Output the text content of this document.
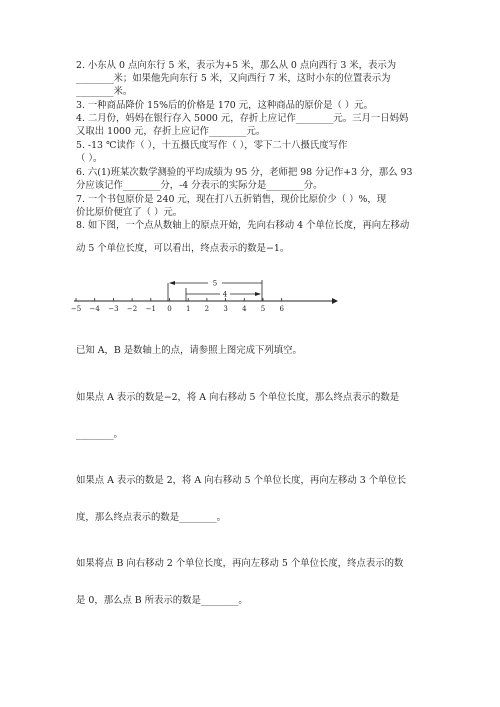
2. 小东从 0 点向东行 5 米，表示为+5 米，那么从 0 点向西行 3 米，表示为
________米；如果他先向东行 5 米，又向西行 7 米，这时小东的位置表示为
________米。
3. 一种商品降价 15%后的价格是 170 元，这种商品的原价是（ ）元。
4. 二月份，妈妈在银行存入 5000 元，存折上应记作________元。三月一日妈妈
又取出 1000 元，存折上应记作________元。
5. -13 ℃读作（ ），十五摄氏度写作（ ），零下二十八摄氏度写作
（ ）。
6. 六(1)班某次数学测验的平均成绩为 95 分，老师把 98 分记作+3 分，那么 93
分应该记作________分，-4 分表示的实际分是________分。
7. 一个书包原价是 240 元，现在打八五折销售，现价比原价少（ ）%，现
价比原价便宜了（ ）元。
8. 如下图，一个点从数轴上的原点开始，先向右移动 4 个单位长度，再向左移动
动 5 个单位长度，可以看出，终点表示的数是−1。
−5 −4 −3 −2 −1 0 1 2 3 4 5 6
5
4
已知 A，B 是数轴上的点，请参照上图完成下列填空。
如果点 A 表示的数是−2，将 A 向右移动 5 个单位长度，那么终点表示的数是
________。
如果点 A 表示的数是 2，将 A 向右移动 5 个单位长度，再向左移动 3 个单位长
度，那么终点表示的数是________。
如果将点 B 向右移动 2 个单位长度，再向左移动 5 个单位长度，终点表示的数
是 0，那么点 B 所表示的数是________。
